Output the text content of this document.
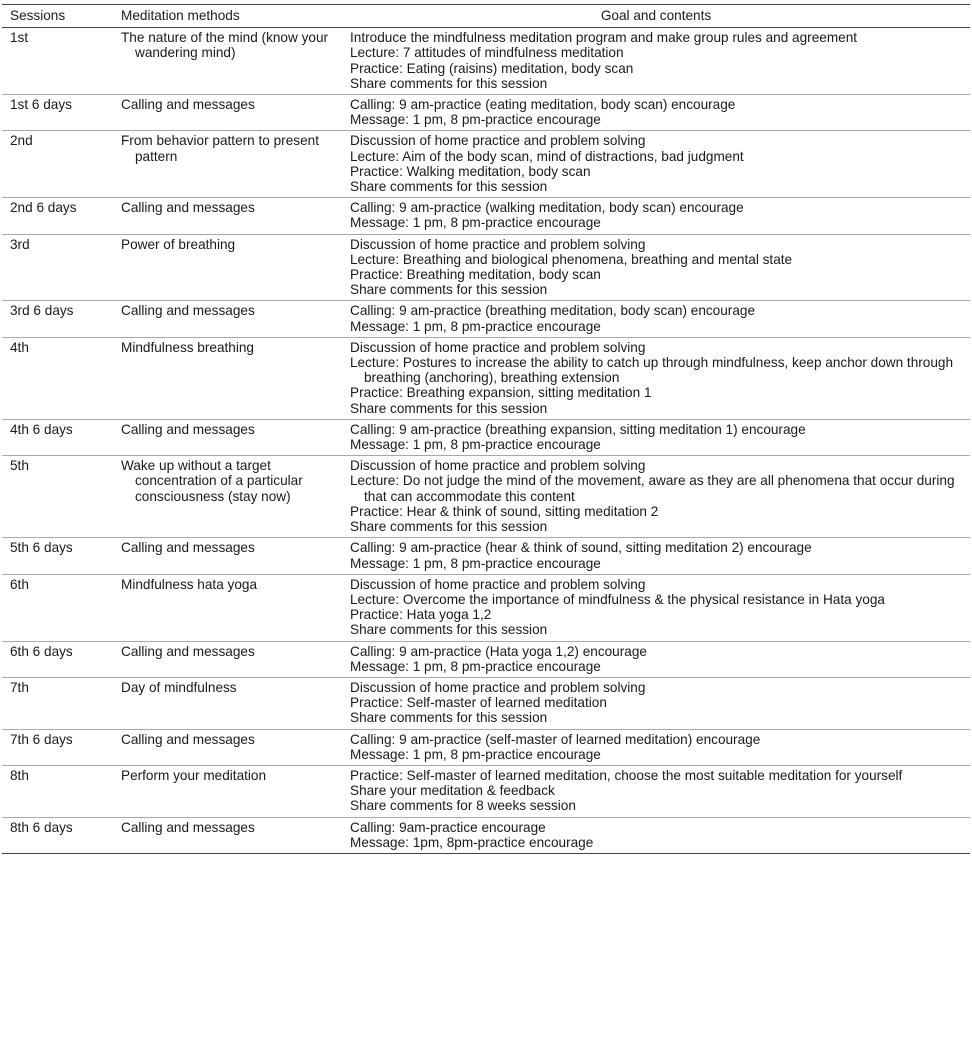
Sessions	Meditation methods	Goal and contents
1st	The nature of the mind (know your wandering mind)	Introduce the mindfulness meditation program and make group rules and agreement
Lecture: 7 attitudes of mindfulness meditation
Practice: Eating (raisins) meditation, body scan
Share comments for this session

1st 6 days	Calling and messages	Calling: 9 am-practice (eating meditation, body scan) encourage
Message: 1 pm, 8 pm-practice encourage

2nd	From behavior pattern to present pattern	Discussion of home practice and problem solving
Lecture: Aim of the body scan, mind of distractions, bad judgment
Practice: Walking meditation, body scan
Share comments for this session

2nd 6 days	Calling and messages	Calling: 9 am-practice (walking meditation, body scan) encourage
Message: 1 pm, 8 pm-practice encourage

3rd	Power of breathing	Discussion of home practice and problem solving
Lecture: Breathing and biological phenomena, breathing and mental state
Practice: Breathing meditation, body scan
Share comments for this session

3rd 6 days	Calling and messages	Calling: 9 am-practice (breathing meditation, body scan) encourage
Message: 1 pm, 8 pm-practice encourage

4th	Mindfulness breathing	Discussion of home practice and problem solving
Lecture: Postures to increase the ability to catch up through mindfulness, keep anchor down through breathing (anchoring), breathing extension
Practice: Breathing expansion, sitting meditation 1
Share comments for this session

4th 6 days	Calling and messages	Calling: 9 am-practice (breathing expansion, sitting meditation 1) encourage
Message: 1 pm, 8 pm-practice encourage

5th	Wake up without a target concentration of a particular consciousness (stay now)	Discussion of home practice and problem solving
Lecture: Do not judge the mind of the movement, aware as they are all phenomena that occur during that can accommodate this content
Practice: Hear & think of sound, sitting meditation 2
Share comments for this session

5th 6 days	Calling and messages	Calling: 9 am-practice (hear & think of sound, sitting meditation 2) encourage
Message: 1 pm, 8 pm-practice encourage

6th	Mindfulness hata yoga	Discussion of home practice and problem solving
Lecture: Overcome the importance of mindfulness & the physical resistance in Hata yoga
Practice: Hata yoga 1,2
Share comments for this session

6th 6 days	Calling and messages	Calling: 9 am-practice (Hata yoga 1,2) encourage
Message: 1 pm, 8 pm-practice encourage

7th	Day of mindfulness	Discussion of home practice and problem solving
Practice: Self-master of learned meditation
Share comments for this session

7th 6 days	Calling and messages	Calling: 9 am-practice (self-master of learned meditation) encourage
Message: 1 pm, 8 pm-practice encourage

8th	Perform your meditation	Practice: Self-master of learned meditation, choose the most suitable meditation for yourself
Share your meditation & feedback
Share comments for 8 weeks session

8th 6 days	Calling and messages	Calling: 9am-practice encourage
Message: 1pm, 8pm-practice encourage
